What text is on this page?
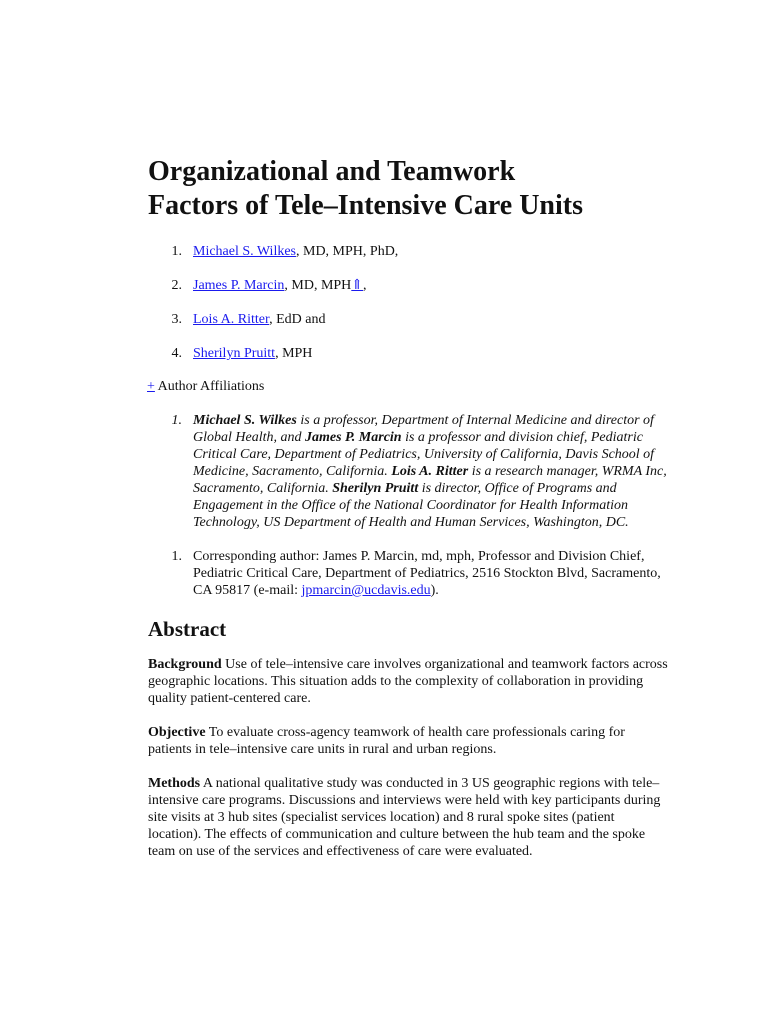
Organizational and Teamwork
Factors of Tele–Intensive Care Units
1. Michael S. Wilkes, MD, MPH, PhD,
2. James P. Marcin, MD, MPH⇑,
3. Lois A. Ritter, EdD and
4. Sherilyn Pruitt, MPH
+ Author Affiliations
1. Michael S. Wilkes is a professor, Department of Internal Medicine and director of Global Health, and James P. Marcin is a professor and division chief, Pediatric Critical Care, Department of Pediatrics, University of California, Davis School of Medicine, Sacramento, California. Lois A. Ritter is a research manager, WRMA Inc, Sacramento, California. Sherilyn Pruitt is director, Office of Programs and Engagement in the Office of the National Coordinator for Health Information Technology, US Department of Health and Human Services, Washington, DC.
1. Corresponding author: James P. Marcin, md, mph, Professor and Division Chief, Pediatric Critical Care, Department of Pediatrics, 2516 Stockton Blvd, Sacramento, CA 95817 (e-mail: jpmarcin@ucdavis.edu).
Abstract
Background Use of tele–intensive care involves organizational and teamwork factors across geographic locations. This situation adds to the complexity of collaboration in providing quality patient-centered care.
Objective To evaluate cross-agency teamwork of health care professionals caring for patients in tele–intensive care units in rural and urban regions.
Methods A national qualitative study was conducted in 3 US geographic regions with tele–intensive care programs. Discussions and interviews were held with key participants during site visits at 3 hub sites (specialist services location) and 8 rural spoke sites (patient location). The effects of communication and culture between the hub team and the spoke team on use of the services and effectiveness of care were evaluated.
